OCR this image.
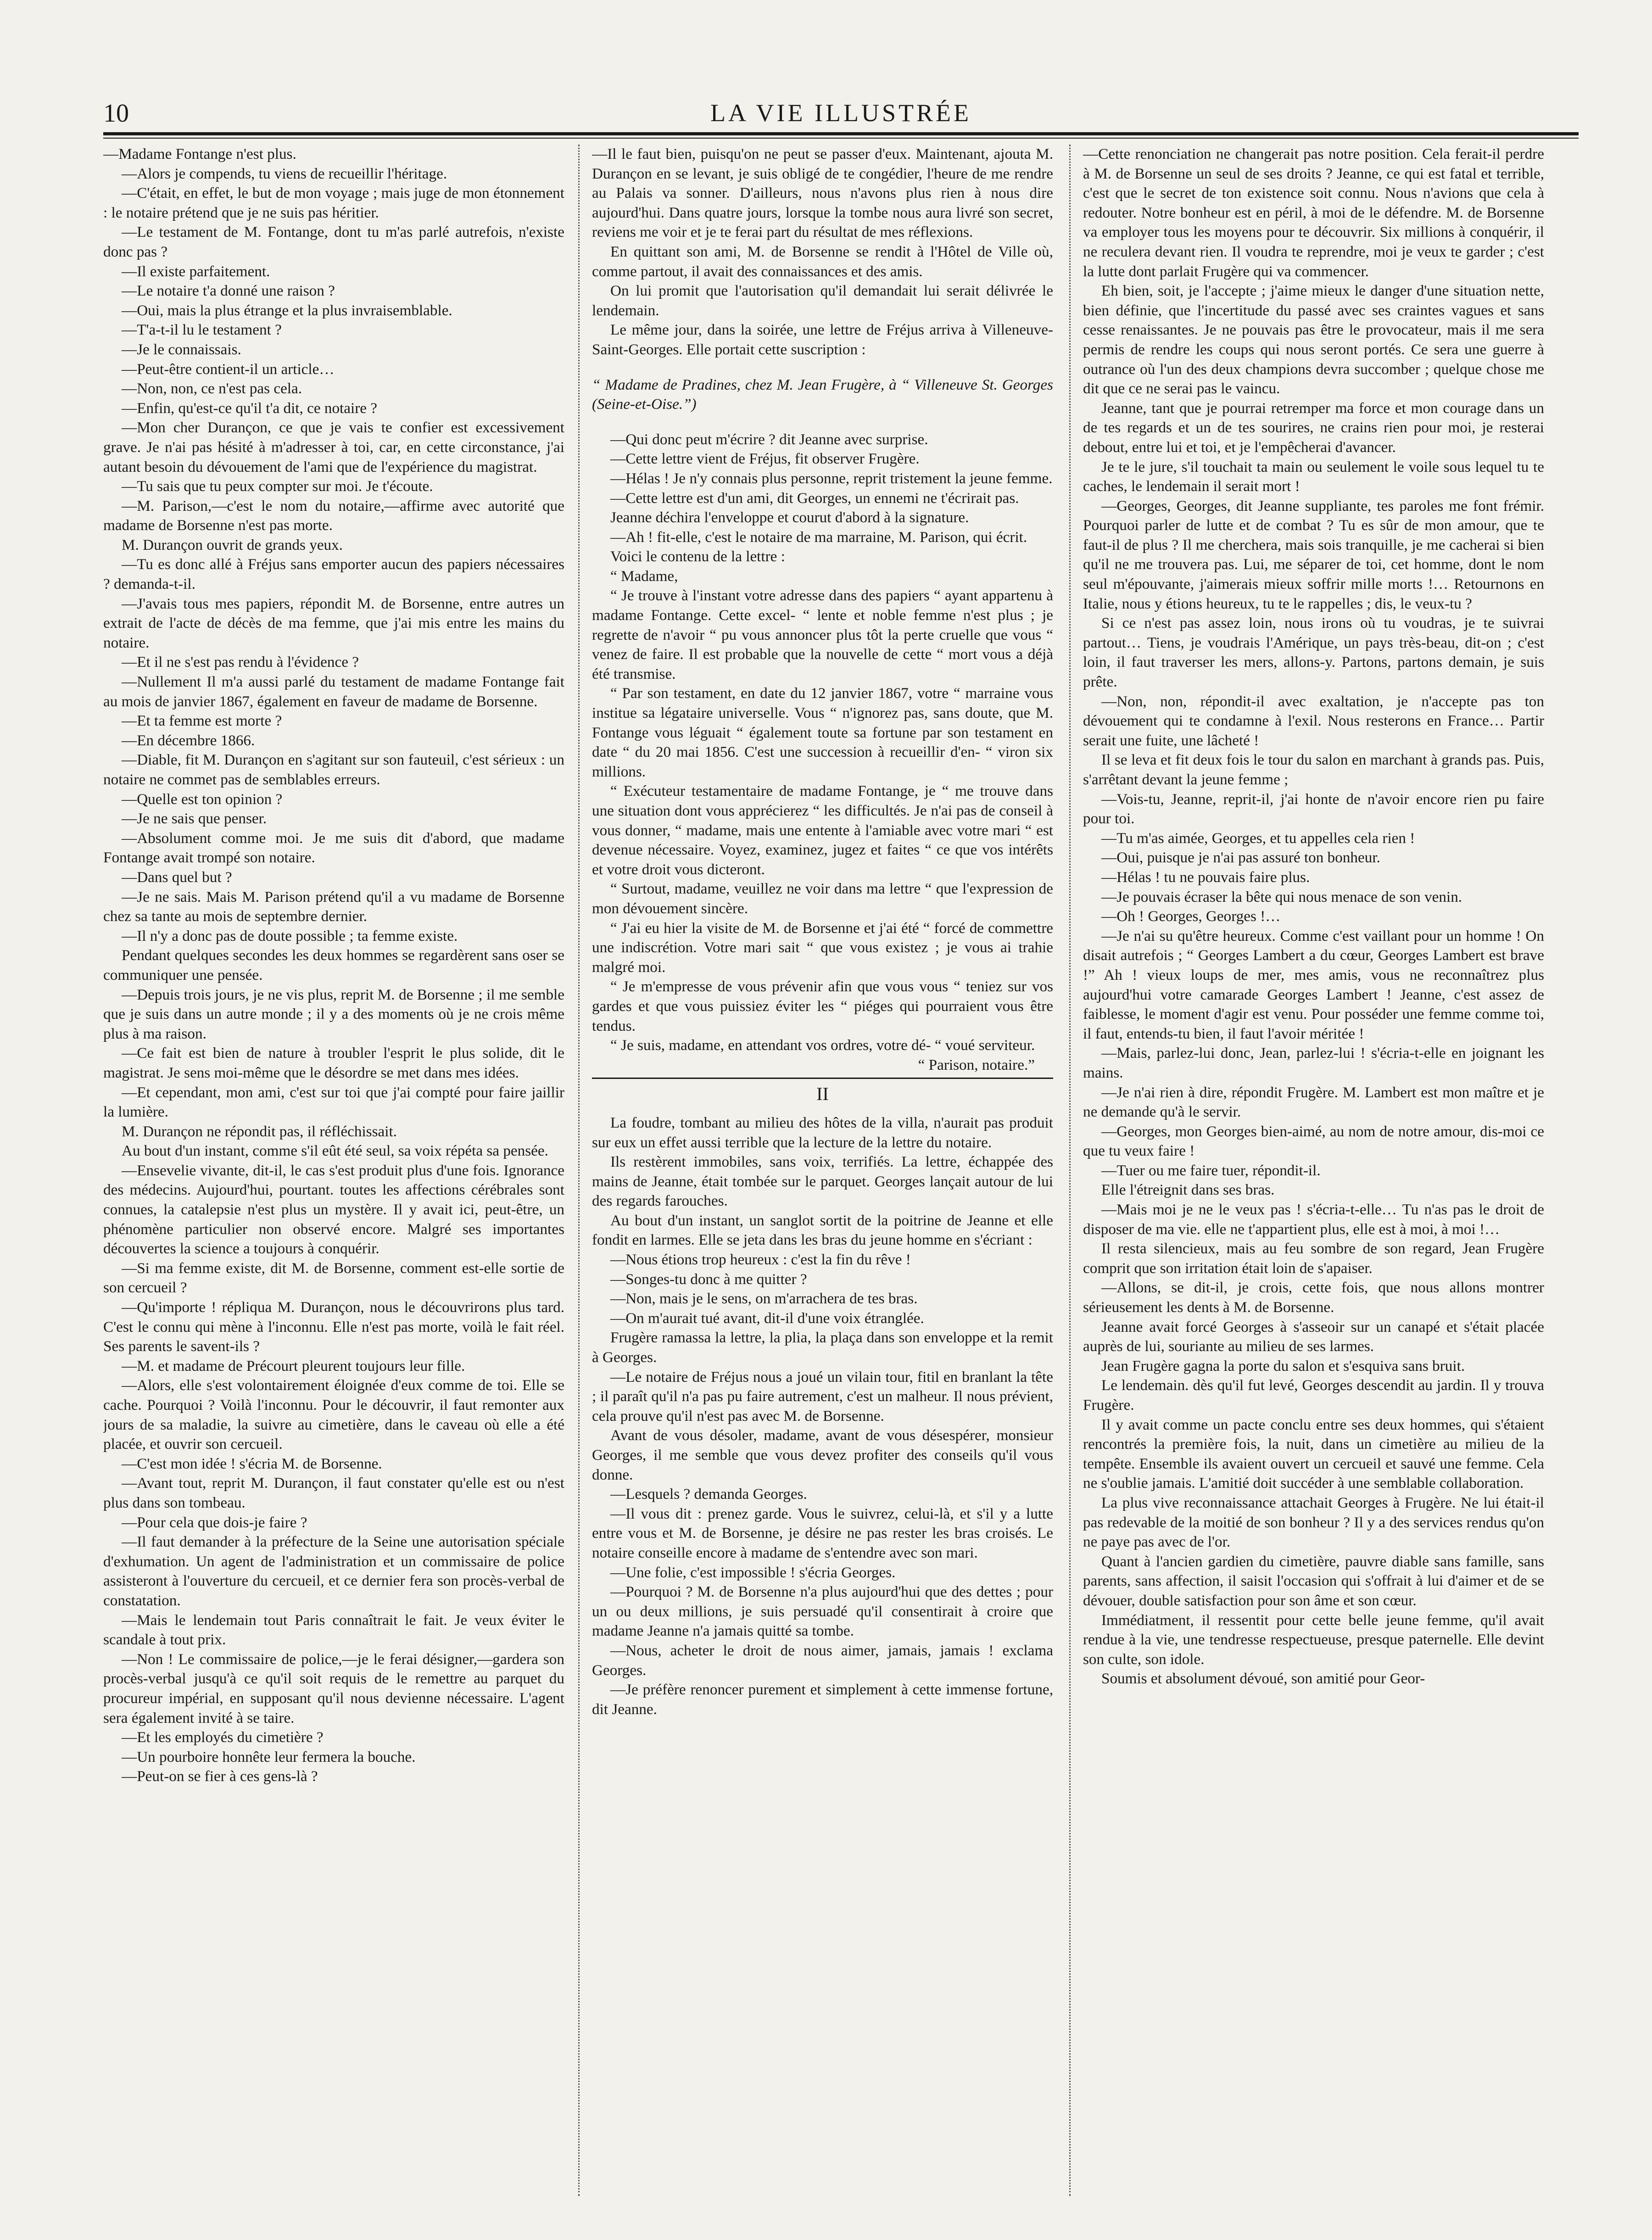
10	LA VIE ILLUSTRÉE

—Madame Fontange n'est plus.

—Alors je compends, tu viens de recueillir l'héritage.

—C'était, en effet, le but de mon voyage ; mais juge de mon étonnement : le notaire prétend que je ne suis pas héritier.

—Le testament de M. Fontange, dont tu m'as parlé autrefois, n'existe donc pas ?

—Il existe parfaitement.

—Le notaire t'a donné une raison ?

—Oui, mais la plus étrange et la plus invraisemblable.

—T'a-t-il lu le testament ?

—Je le connaissais.

—Peut-être contient-il un article…

—Non, non, ce n'est pas cela.

—Enfin, qu'est-ce qu'il t'a dit, ce notaire ?

—Mon cher Durançon, ce que je vais te confier est excessivement grave. Je n'ai pas hésité à m'adresser à toi, car, en cette circonstance, j'ai autant besoin du dévouement de l'ami que de l'expérience du magistrat.

—Tu sais que tu peux compter sur moi. Je t'écoute.

—M. Parison,—c'est le nom du notaire,—affirme avec autorité que madame de Borsenne n'est pas morte.

M. Durançon ouvrit de grands yeux.

—Tu es donc allé à Fréjus sans emporter aucun des papiers nécessaires ? demanda-t-il.

—J'avais tous mes papiers, répondit M. de Borsenne, entre autres un extrait de l'acte de décès de ma femme, que j'ai mis entre les mains du notaire.

—Et il ne s'est pas rendu à l'évidence ?

—Nullement Il m'a aussi parlé du testament de madame Fontange fait au mois de janvier 1867, également en faveur de madame de Borsenne.

—Et ta femme est morte ?

—En décembre 1866.

—Diable, fit M. Durançon en s'agitant sur son fauteuil, c'est sérieux : un notaire ne commet pas de semblables erreurs.

—Quelle est ton opinion ?

—Je ne sais que penser.

—Absolument comme moi. Je me suis dit d'abord, que madame Fontange avait trompé son notaire.

—Dans quel but ?

—Je ne sais. Mais M. Parison prétend qu'il a vu madame de Borsenne chez sa tante au mois de septembre dernier.

—Il n'y a donc pas de doute possible ; ta femme existe.

Pendant quelques secondes les deux hommes se regardèrent sans oser se communiquer une pensée.

—Depuis trois jours, je ne vis plus, reprit M. de Borsenne ; il me semble que je suis dans un autre monde ; il y a des moments où je ne crois même plus à ma raison.

—Ce fait est bien de nature à troubler l'esprit le plus solide, dit le magistrat. Je sens moi-même que le désordre se met dans mes idées.

—Et cependant, mon ami, c'est sur toi que j'ai compté pour faire jaillir la lumière.

M. Durançon ne répondit pas, il réfléchissait.

Au bout d'un instant, comme s'il eût été seul, sa voix répéta sa pensée.

—Ensevelie vivante, dit-il, le cas s'est produit plus d'une fois. Ignorance des médecins. Aujourd'hui, pourtant. toutes les affections cérébrales sont connues, la catalepsie n'est plus un mystère. Il y avait ici, peut-être, un phénomène particulier non observé encore. Malgré ses importantes découvertes la science a toujours à conquérir.

—Si ma femme existe, dit M. de Borsenne, comment est-elle sortie de son cercueil ?

—Qu'importe ! répliqua M. Durançon, nous le découvrirons plus tard. C'est le connu qui mène à l'inconnu. Elle n'est pas morte, voilà le fait réel. Ses parents le savent-ils ?

—M. et madame de Précourt pleurent toujours leur fille.

—Alors, elle s'est volontairement éloignée d'eux comme de toi. Elle se cache. Pourquoi ? Voilà l'inconnu. Pour le découvrir, il faut remonter aux jours de sa maladie, la suivre au cimetière, dans le caveau où elle a été placée, et ouvrir son cercueil.

—C'est mon idée ! s'écria M. de Borsenne.

—Avant tout, reprit M. Durançon, il faut constater qu'elle est ou n'est plus dans son tombeau.

—Pour cela que dois-je faire ?

—Il faut demander à la préfecture de la Seine une autorisation spéciale d'exhumation. Un agent de l'administration et un commissaire de police assisteront à l'ouverture du cercueil, et ce dernier fera son procès-verbal de constatation.

—Mais le lendemain tout Paris connaîtrait le fait. Je veux éviter le scandale à tout prix.

—Non ! Le commissaire de police,—je le ferai désigner,—gardera son procès-verbal jusqu'à ce qu'il soit requis de le remettre au parquet du procureur impérial, en supposant qu'il nous devienne nécessaire. L'agent sera également invité à se taire.

—Et les employés du cimetière ?

—Un pourboire honnête leur fermera la bouche.

—Peut-on se fier à ces gens-là ?

—Il le faut bien, puisqu'on ne peut se passer d'eux. Maintenant, ajouta M. Durançon en se levant, je suis obligé de te congédier, l'heure de me rendre au Palais va sonner. D'ailleurs, nous n'avons plus rien à nous dire aujourd'hui. Dans quatre jours, lorsque la tombe nous aura livré son secret, reviens me voir et je te ferai part du résultat de mes réflexions.

En quittant son ami, M. de Borsenne se rendit à l'Hôtel de Ville où, comme partout, il avait des connaissances et des amis.

On lui promit que l'autorisation qu'il demandait lui serait délivrée le lendemain.

Le même jour, dans la soirée, une lettre de Fréjus arriva à Villeneuve-Saint-Georges. Elle portait cette suscription :

“ Madame de Pradines, chez M. Jean Frugère, à “ Villeneuve St. Georges (Seine-et-Oise.”)

—Qui donc peut m'écrire ? dit Jeanne avec surprise.

—Cette lettre vient de Fréjus, fit observer Frugère.

—Hélas ! Je n'y connais plus personne, reprit tristement la jeune femme.

—Cette lettre est d'un ami, dit Georges, un ennemi ne t'écrirait pas.

Jeanne déchira l'enveloppe et courut d'abord à la signature.

—Ah ! fit-elle, c'est le notaire de ma marraine, M. Parison, qui écrit.

Voici le contenu de la lettre :

“ Madame,

“ Je trouve à l'instant votre adresse dans des papiers “ ayant appartenu à madame Fontange. Cette excel- “ lente et noble femme n'est plus ; je regrette de n'avoir “ pu vous annoncer plus tôt la perte cruelle que vous “ venez de faire. Il est probable que la nouvelle de cette “ mort vous a déjà été transmise.

“ Par son testament, en date du 12 janvier 1867, votre “ marraine vous institue sa légataire universelle. Vous “ n'ignorez pas, sans doute, que M. Fontange vous léguait “ également toute sa fortune par son testament en date “ du 20 mai 1856. C'est une succession à recueillir d'en- “ viron six millions.

“ Exécuteur testamentaire de madame Fontange, je “ me trouve dans une situation dont vous apprécierez “ les difficultés. Je n'ai pas de conseil à vous donner, “ madame, mais une entente à l'amiable avec votre mari “ est devenue nécessaire. Voyez, examinez, jugez et faites “ ce que vos intérêts et votre droit vous dicteront.

“ Surtout, madame, veuillez ne voir dans ma lettre “ que l'expression de mon dévouement sincère.

“ J'ai eu hier la visite de M. de Borsenne et j'ai été “ forcé de commettre une indiscrétion. Votre mari sait “ que vous existez ; je vous ai trahie malgré moi.

“ Je m'empresse de vous prévenir afin que vous vous “ teniez sur vos gardes et que vous puissiez éviter les “ piéges qui pourraient vous être tendus.

“ Je suis, madame, en attendant vos ordres, votre dé- “ voué serviteur.

“ Parison, notaire.”

II

La foudre, tombant au milieu des hôtes de la villa, n'aurait pas produit sur eux un effet aussi terrible que la lecture de la lettre du notaire.

Ils restèrent immobiles, sans voix, terrifiés. La lettre, échappée des mains de Jeanne, était tombée sur le parquet. Georges lançait autour de lui des regards farouches.

Au bout d'un instant, un sanglot sortit de la poitrine de Jeanne et elle fondit en larmes. Elle se jeta dans les bras du jeune homme en s'écriant :

—Nous étions trop heureux : c'est la fin du rêve !

—Songes-tu donc à me quitter ?

—Non, mais je le sens, on m'arrachera de tes bras.

—On m'aurait tué avant, dit-il d'une voix étranglée.

Frugère ramassa la lettre, la plia, la plaça dans son enveloppe et la remit à Georges.

—Le notaire de Fréjus nous a joué un vilain tour, fitil en branlant la tête ; il paraît qu'il n'a pas pu faire autrement, c'est un malheur. Il nous prévient, cela prouve qu'il n'est pas avec M. de Borsenne.

Avant de vous désoler, madame, avant de vous désespérer, monsieur Georges, il me semble que vous devez profiter des conseils qu'il vous donne.

—Lesquels ? demanda Georges.

—Il vous dit : prenez garde. Vous le suivrez, celui-là, et s'il y a lutte entre vous et M. de Borsenne, je désire ne pas rester les bras croisés. Le notaire conseille encore à madame de s'entendre avec son mari.

—Une folie, c'est impossible ! s'écria Georges.

—Pourquoi ? M. de Borsenne n'a plus aujourd'hui que des dettes ; pour un ou deux millions, je suis persuadé qu'il consentirait à croire que madame Jeanne n'a jamais quitté sa tombe.

—Nous, acheter le droit de nous aimer, jamais, jamais ! exclama Georges.

—Je préfère renoncer purement et simplement à cette immense fortune, dit Jeanne.

—Cette renonciation ne changerait pas notre position. Cela ferait-il perdre à M. de Borsenne un seul de ses droits ? Jeanne, ce qui est fatal et terrible, c'est que le secret de ton existence soit connu. Nous n'avions que cela à redouter. Notre bonheur est en péril, à moi de le défendre. M. de Borsenne va employer tous les moyens pour te découvrir. Six millions à conquérir, il ne reculera devant rien. Il voudra te reprendre, moi je veux te garder ; c'est la lutte dont parlait Frugère qui va commencer.

Eh bien, soit, je l'accepte ; j'aime mieux le danger d'une situation nette, bien définie, que l'incertitude du passé avec ses craintes vagues et sans cesse renaissantes. Je ne pouvais pas être le provocateur, mais il me sera permis de rendre les coups qui nous seront portés. Ce sera une guerre à outrance où l'un des deux champions devra succomber ; quelque chose me dit que ce ne serai pas le vaincu.

Jeanne, tant que je pourrai retremper ma force et mon courage dans un de tes regards et un de tes sourires, ne crains rien pour moi, je resterai debout, entre lui et toi, et je l'empêcherai d'avancer.

Je te le jure, s'il touchait ta main ou seulement le voile sous lequel tu te caches, le lendemain il serait mort !

—Georges, Georges, dit Jeanne suppliante, tes paroles me font frémir. Pourquoi parler de lutte et de combat ? Tu es sûr de mon amour, que te faut-il de plus ? Il me cherchera, mais sois tranquille, je me cacherai si bien qu'il ne me trouvera pas. Lui, me séparer de toi, cet homme, dont le nom seul m'épouvante, j'aimerais mieux soffrir mille morts !… Retournons en Italie, nous y étions heureux, tu te le rappelles ; dis, le veux-tu ?

Si ce n'est pas assez loin, nous irons où tu voudras, je te suivrai partout… Tiens, je voudrais l'Amérique, un pays très-beau, dit-on ; c'est loin, il faut traverser les mers, allons-y. Partons, partons demain, je suis prête.

—Non, non, répondit-il avec exaltation, je n'accepte pas ton dévouement qui te condamne à l'exil. Nous resterons en France… Partir serait une fuite, une lâcheté !

Il se leva et fit deux fois le tour du salon en marchant à grands pas. Puis, s'arrêtant devant la jeune femme ;

—Vois-tu, Jeanne, reprit-il, j'ai honte de n'avoir encore rien pu faire pour toi.

—Tu m'as aimée, Georges, et tu appelles cela rien !

—Oui, puisque je n'ai pas assuré ton bonheur.

—Hélas ! tu ne pouvais faire plus.

—Je pouvais écraser la bête qui nous menace de son venin.

—Oh ! Georges, Georges !…

—Je n'ai su qu'être heureux. Comme c'est vaillant pour un homme ! On disait autrefois ; “ Georges Lambert a du cœur, Georges Lambert est brave !” Ah ! vieux loups de mer, mes amis, vous ne reconnaîtrez plus aujourd'hui votre camarade Georges Lambert ! Jeanne, c'est assez de faiblesse, le moment d'agir est venu. Pour posséder une femme comme toi, il faut, entends-tu bien, il faut l'avoir méritée !

—Mais, parlez-lui donc, Jean, parlez-lui ! s'écria-t-elle en joignant les mains.

—Je n'ai rien à dire, répondit Frugère. M. Lambert est mon maître et je ne demande qu'à le servir.

—Georges, mon Georges bien-aimé, au nom de notre amour, dis-moi ce que tu veux faire !

—Tuer ou me faire tuer, répondit-il.

Elle l'étreignit dans ses bras.

—Mais moi je ne le veux pas ! s'écria-t-elle… Tu n'as pas le droit de disposer de ma vie. elle ne t'appartient plus, elle est à moi, à moi !…

Il resta silencieux, mais au feu sombre de son regard, Jean Frugère comprit que son irritation était loin de s'apaiser.

—Allons, se dit-il, je crois, cette fois, que nous allons montrer sérieusement les dents à M. de Borsenne.

Jeanne avait forcé Georges à s'asseoir sur un canapé et s'était placée auprès de lui, souriante au milieu de ses larmes.

Jean Frugère gagna la porte du salon et s'esquiva sans bruit.

Le lendemain. dès qu'il fut levé, Georges descendit au jardin. Il y trouva Frugère.

Il y avait comme un pacte conclu entre ses deux hommes, qui s'étaient rencontrés la première fois, la nuit, dans un cimetière au milieu de la tempête. Ensemble ils avaient ouvert un cercueil et sauvé une femme. Cela ne s'oublie jamais. L'amitié doit succéder à une semblable collaboration.

La plus vive reconnaissance attachait Georges à Frugère. Ne lui était-il pas redevable de la moitié de son bonheur ? Il y a des services rendus qu'on ne paye pas avec de l'or.

Quant à l'ancien gardien du cimetière, pauvre diable sans famille, sans parents, sans affection, il saisit l'occasion qui s'offrait à lui d'aimer et de se dévouer, double satisfaction pour son âme et son cœur.

Immédiatment, il ressentit pour cette belle jeune femme, qu'il avait rendue à la vie, une tendresse respectueuse, presque paternelle. Elle devint son culte, son idole.

Soumis et absolument dévoué, son amitié pour Geor-
